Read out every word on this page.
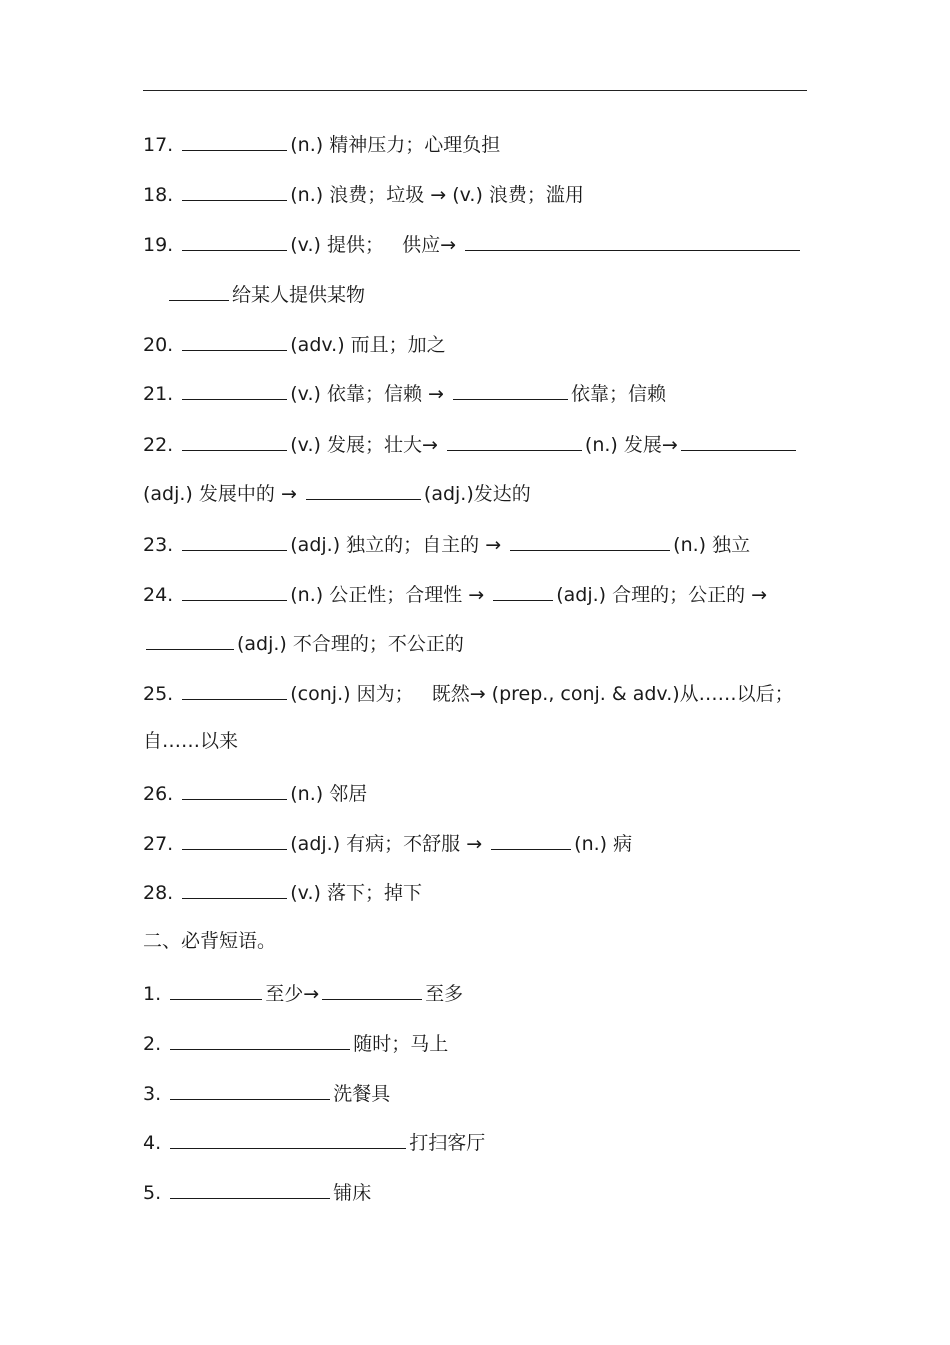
17.	(n.) 精神压力；心理负担
18.	(n.) 浪费；垃圾 → (v.) 浪费；滥用
19.	(v.) 提供；   供应→
给某人提供某物
20.	(adv.) 而且；加之
21.	(v.) 依靠；信赖 →	依靠；信赖
22.	(v.) 发展；壮大→	(n.) 发展→
(adj.) 发展中的 →	(adj.)发达的
23.	(adj.) 独立的；自主的 →	(n.) 独立
24.	(n.) 公正性；合理性 →	(adj.) 合理的；公正的 →
(adj.) 不合理的；不公正的
25.	(conj.) 因为；   既然→ (prep., conj. & adv.)从……以后；
自……以来
26.	(n.) 邻居
27.	(adj.) 有病；不舒服 →	(n.) 病
28.	(v.) 落下；掉下
二、必背短语。
1.	至少→	至多
2.	随时；马上
3.	洗餐具
4.	打扫客厅
5.	铺床
